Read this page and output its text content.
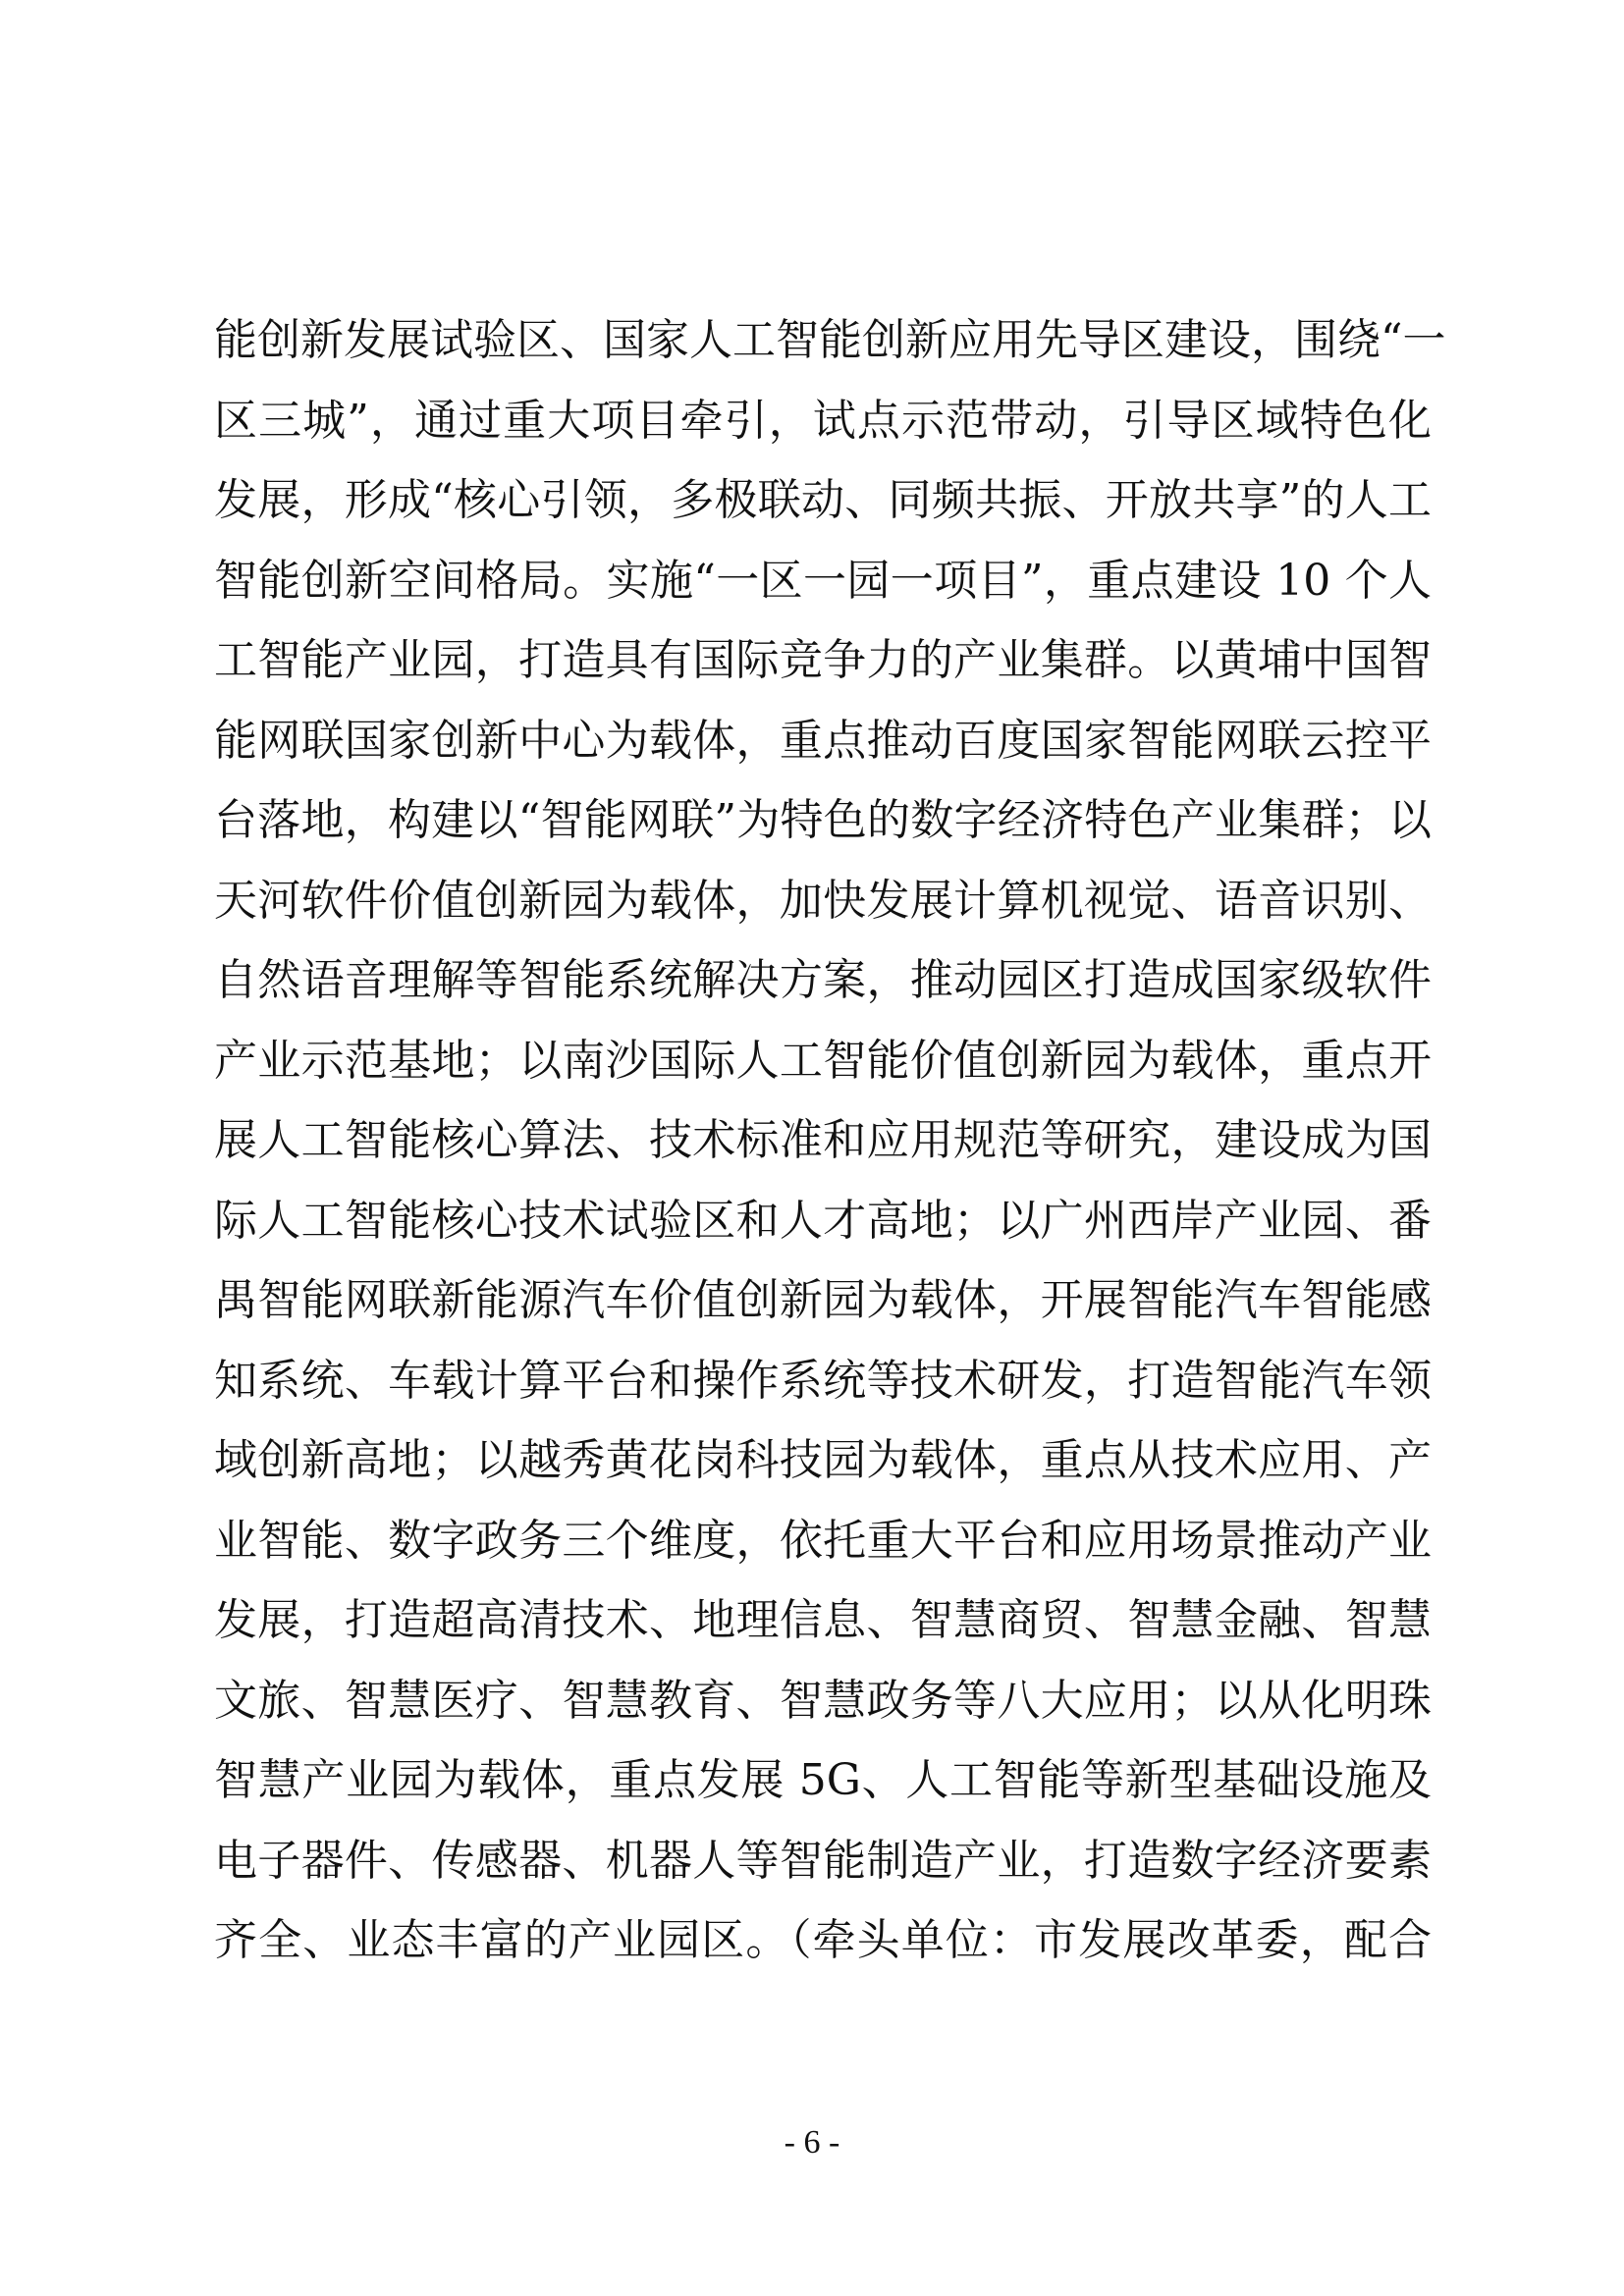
能创新发展试验区、国家人工智能创新应用先导区建设，围绕“一
区三城”，通过重大项目牵引，试点示范带动，引导区域特色化
发展，形成“核心引领，多极联动、同频共振、开放共享”的人工
智能创新空间格局。实施“一区一园一项目”，重点建设 10 个人
工智能产业园，打造具有国际竞争力的产业集群。以黄埔中国智
能网联国家创新中心为载体，重点推动百度国家智能网联云控平
台落地，构建以“智能网联”为特色的数字经济特色产业集群；以
天河软件价值创新园为载体，加快发展计算机视觉、语音识别、
自然语音理解等智能系统解决方案，推动园区打造成国家级软件
产业示范基地；以南沙国际人工智能价值创新园为载体，重点开
展人工智能核心算法、技术标准和应用规范等研究，建设成为国
际人工智能核心技术试验区和人才高地；以广州西岸产业园、番
禺智能网联新能源汽车价值创新园为载体，开展智能汽车智能感
知系统、车载计算平台和操作系统等技术研发，打造智能汽车领
域创新高地；以越秀黄花岗科技园为载体，重点从技术应用、产
业智能、数字政务三个维度，依托重大平台和应用场景推动产业
发展，打造超高清技术、地理信息、智慧商贸、智慧金融、智慧
文旅、智慧医疗、智慧教育、智慧政务等八大应用；以从化明珠
智慧产业园为载体，重点发展 5G、人工智能等新型基础设施及
电子器件、传感器、机器人等智能制造产业，打造数字经济要素
齐全、业态丰富的产业园区。（牵头单位：市发展改革委，配合
- 6 -
